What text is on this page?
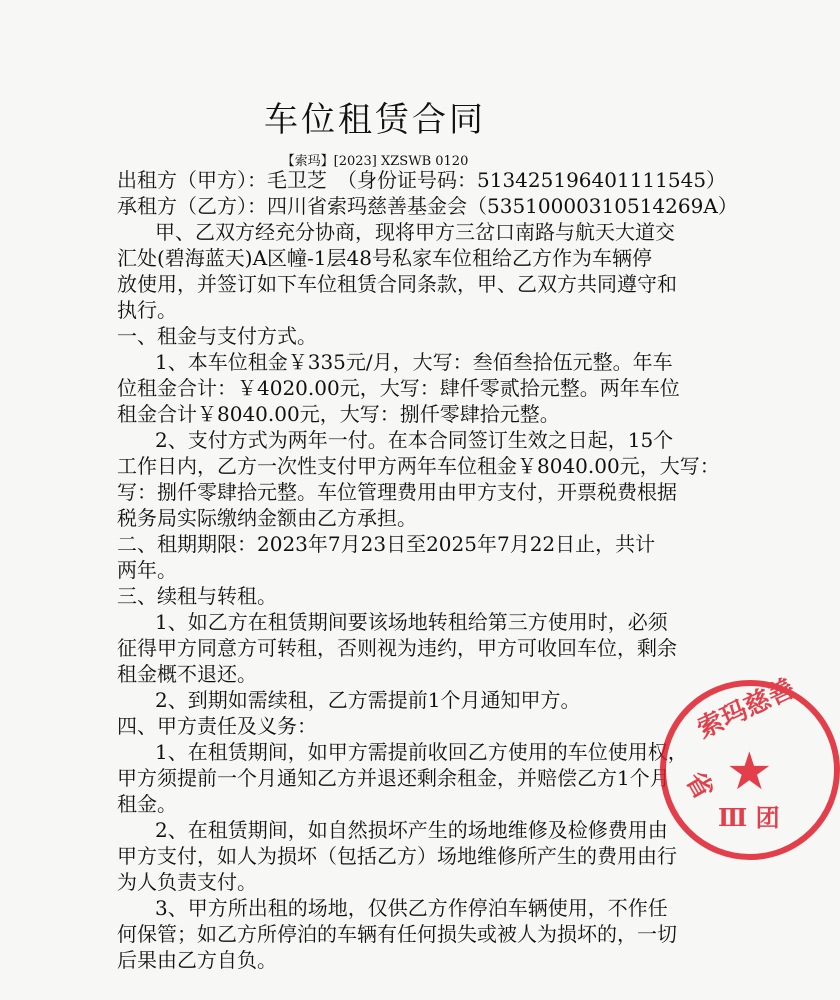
车位租赁合同
【索玛】[2023] XZSWB 0120
出租方（甲方）：毛卫芝　（身份证号码：513425196401111545）
承租方（乙方）：四川省索玛慈善基金会（53510000310514269A）
甲、乙双方经充分协商，现将甲方三岔口南路与航天大道交
汇处(碧海蓝天)A区幢-1层48号私家车位租给乙方作为车辆停
放使用，并签订如下车位租赁合同条款，甲、乙双方共同遵守和
执行。
一、租金与支付方式。
1、本车位租金￥335元/月，大写：叁佰叁拾伍元整。年车
位租金合计：￥4020.00元，大写：肆仟零贰拾元整。两年车位
租金合计￥8040.00元，大写：捌仟零肆拾元整。
2、支付方式为两年一付。在本合同签订生效之日起，15个
工作日内，乙方一次性支付甲方两年车位租金￥8040.00元，大写：
写：捌仟零肆拾元整。车位管理费用由甲方支付，开票税费根据
税务局实际缴纳金额由乙方承担。
二、租期期限：2023年7月23日至2025年7月22日止，共计
两年。
三、续租与转租。
1、如乙方在租赁期间要该场地转租给第三方使用时，必须
征得甲方同意方可转租，否则视为违约，甲方可收回车位，剩余
租金概不退还。
2、到期如需续租，乙方需提前1个月通知甲方。
四、甲方责任及义务：
1、在租赁期间，如甲方需提前收回乙方使用的车位使用权，
甲方须提前一个月通知乙方并退还剩余租金，并赔偿乙方1个月
租金。
2、在租赁期间，如自然损坏产生的场地维修及检修费用由
甲方支付，如人为损坏（包括乙方）场地维修所产生的费用由行
为人负责支付。
3、甲方所出租的场地，仅供乙方作停泊车辆使用，不作任
何保管；如乙方所停泊的车辆有任何损失或被人为损坏的，一切
后果由乙方自负。
索玛慈善
省 ★
Ⅲ 团
